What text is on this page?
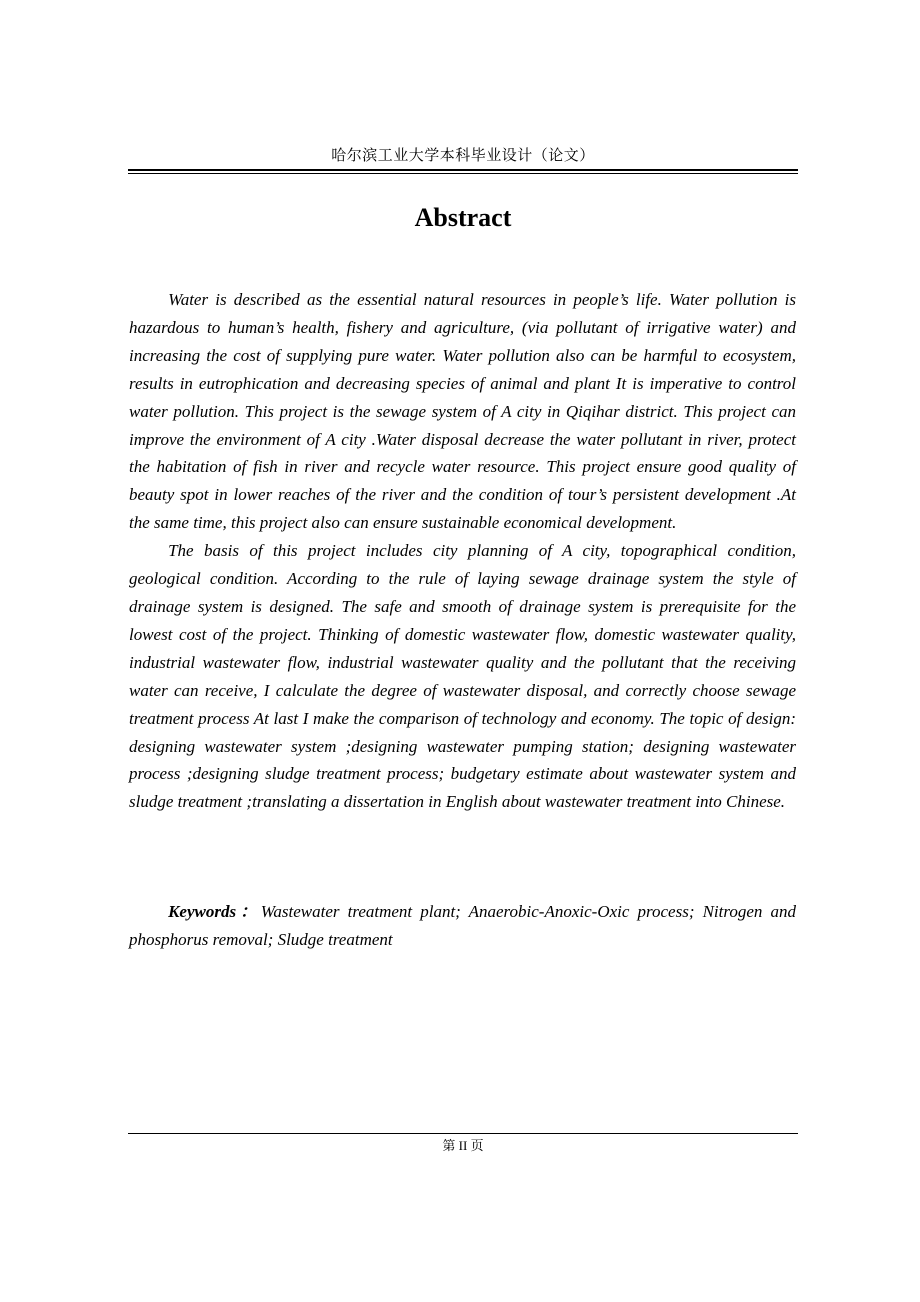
哈尔滨工业大学本科毕业设计（论文）
Abstract

Water is described as the essential natural resources in people’s life. Water pollution is hazardous to human’s health, fishery and agriculture, (via pollutant of irrigative water) and increasing the cost of supplying pure water. Water pollution also can be harmful to ecosystem, results in eutrophication and decreasing species of animal and plant It is imperative to control water pollution. This project is the sewage system of A city in Qiqihar district. This project can improve the environment of A city .Water disposal decrease the water pollutant in river, protect the habitation of fish in river and recycle water resource. This project ensure good quality of beauty spot in lower reaches of the river and the condition of tour’s persistent development .At the same time, this project also can ensure sustainable economical development.

The basis of this project includes city planning of A city, topographical condition, geological condition. According to the rule of laying sewage drainage system the style of drainage system is designed. The safe and smooth of drainage system is prerequisite for the lowest cost of the project. Thinking of domestic wastewater flow, domestic wastewater quality, industrial wastewater flow, industrial wastewater quality and the pollutant that the receiving water can receive, I calculate the degree of wastewater disposal, and correctly choose sewage treatment process At last I make the comparison of technology and economy. The topic of design: designing wastewater system ;designing wastewater pumping station; designing wastewater process ;designing sludge treatment process; budgetary estimate about wastewater system and sludge treatment ;translating a dissertation in English about wastewater treatment into Chinese.

Keywords：Wastewater treatment plant; Anaerobic-Anoxic-Oxic process; Nitrogen and phosphorus removal; Sludge treatment

第 II 页
